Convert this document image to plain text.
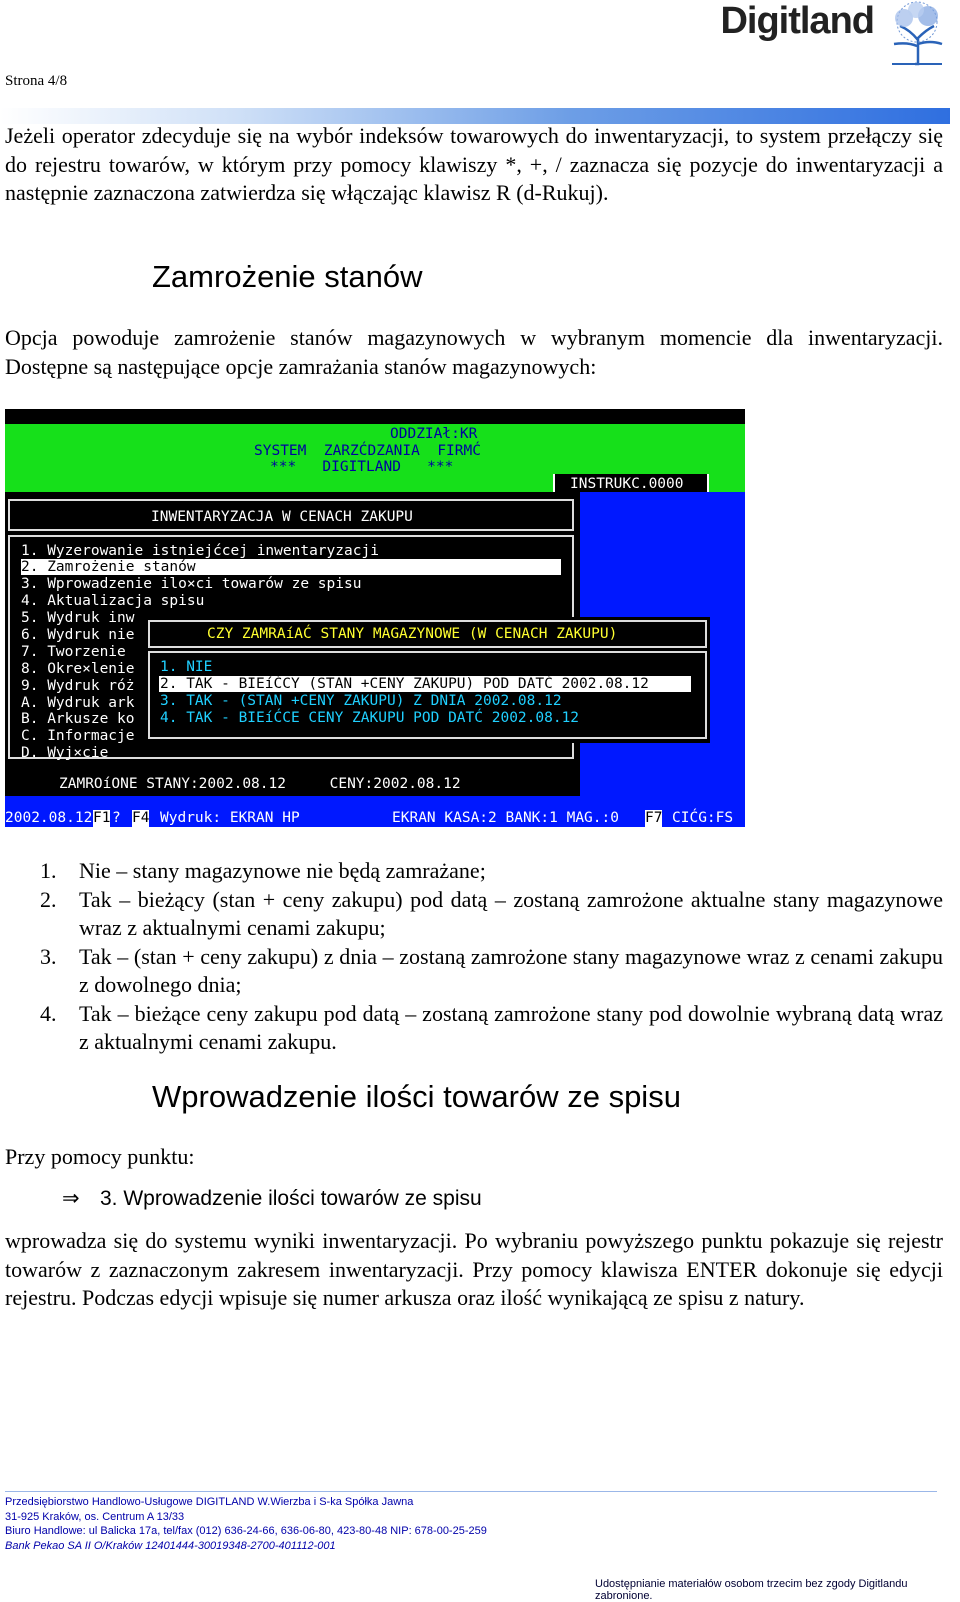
Digitland
Strona 4/8
Jeżeli operator zdecyduje się na wybór indeksów towarowych do inwentaryzacji, to system przełączy się do rejestru towarów, w którym przy pomocy klawiszy *, +, / zaznacza się pozycje do inwentaryzacji a następnie zaznaczona zatwierdza się włączając klawisz R (d-Rukuj).
Zamrożenie stanów
Opcja powoduje zamrożenie stanów magazynowych w wybranym momencie dla inwentaryzacji. Dostępne są następujące opcje zamrażania stanów magazynowych:
ODDZIAł:KR
SYSTEM  ZARZĆDZANIA  FIRMĆ
***   DIGITLAND   ***
INSTRUKC.0000
INWENTARYZACJA W CENACH ZAKUPU
1. Wyzerowanie istniejćcej inwentaryzacji
2. Zamrożenie stanów
3. Wprowadzenie ilo×ci towarów ze spisu
4. Aktualizacja spisu
5. Wydruk inw
6. Wydruk nie
7. Tworzenie
8. Okre×lenie
9. Wydruk róż
A. Wydruk ark
B. Arkusze ko
C. Informacje
D. Wyj×cie
CZY ZAMRAíAĆ STANY MAGAZYNOWE (W CENACH ZAKUPU)
1. NIE
2. TAK - BIEíĆCY (STAN +CENY ZAKUPU) POD DATĆ 2002.08.12
3. TAK - (STAN +CENY ZAKUPU) Z DNIA 2002.08.12
4. TAK - BIEíĆCE CENY ZAKUPU POD DATĆ 2002.08.12
ZAMROíONE STANY:2002.08.12     CENY:2002.08.12
2002.08.12 F1 ? F4 Wydruk: EKRAN HP	EKRAN KASA:2 BANK:1 MAG.:0 F7 CIĆG:FS
1. Nie – stany magazynowe nie będą zamrażane;
2. Tak – bieżący (stan + ceny zakupu) pod datą – zostaną zamrożone aktualne stany magazynowe wraz z aktualnymi cenami zakupu;
3. Tak – (stan + ceny zakupu) z dnia – zostaną zamrożone stany magazynowe wraz z cenami zakupu z dowolnego dnia;
4. Tak – bieżące ceny zakupu pod datą – zostaną zamrożone stany pod dowolnie wybraną datą wraz z aktualnymi cenami zakupu.
Wprowadzenie ilości towarów ze spisu
Przy pomocy punktu:
⇒ 3. Wprowadzenie ilości towarów ze spisu
wprowadza się do systemu wyniki inwentaryzacji. Po wybraniu powyższego punktu pokazuje się rejestr towarów z zaznaczonym zakresem inwentaryzacji. Przy pomocy klawisza ENTER dokonuje się edycji rejestru. Podczas edycji wpisuje się numer arkusza oraz ilość wynikającą ze spisu z natury.
Przedsiębiorstwo Handlowo-Usługowe DIGITLAND W.Wierzba i S-ka Spółka Jawna
31-925 Kraków, os. Centrum A 13/33
Biuro Handlowe: ul Balicka 17a, tel/fax (012) 636-24-66, 636-06-80, 423-80-48 NIP: 678-00-25-259
Bank Pekao SA II O/Kraków 12401444-30019348-2700-401112-001
Udostępnianie materiałów osobom trzecim bez zgody Digitlandu zabronione.
